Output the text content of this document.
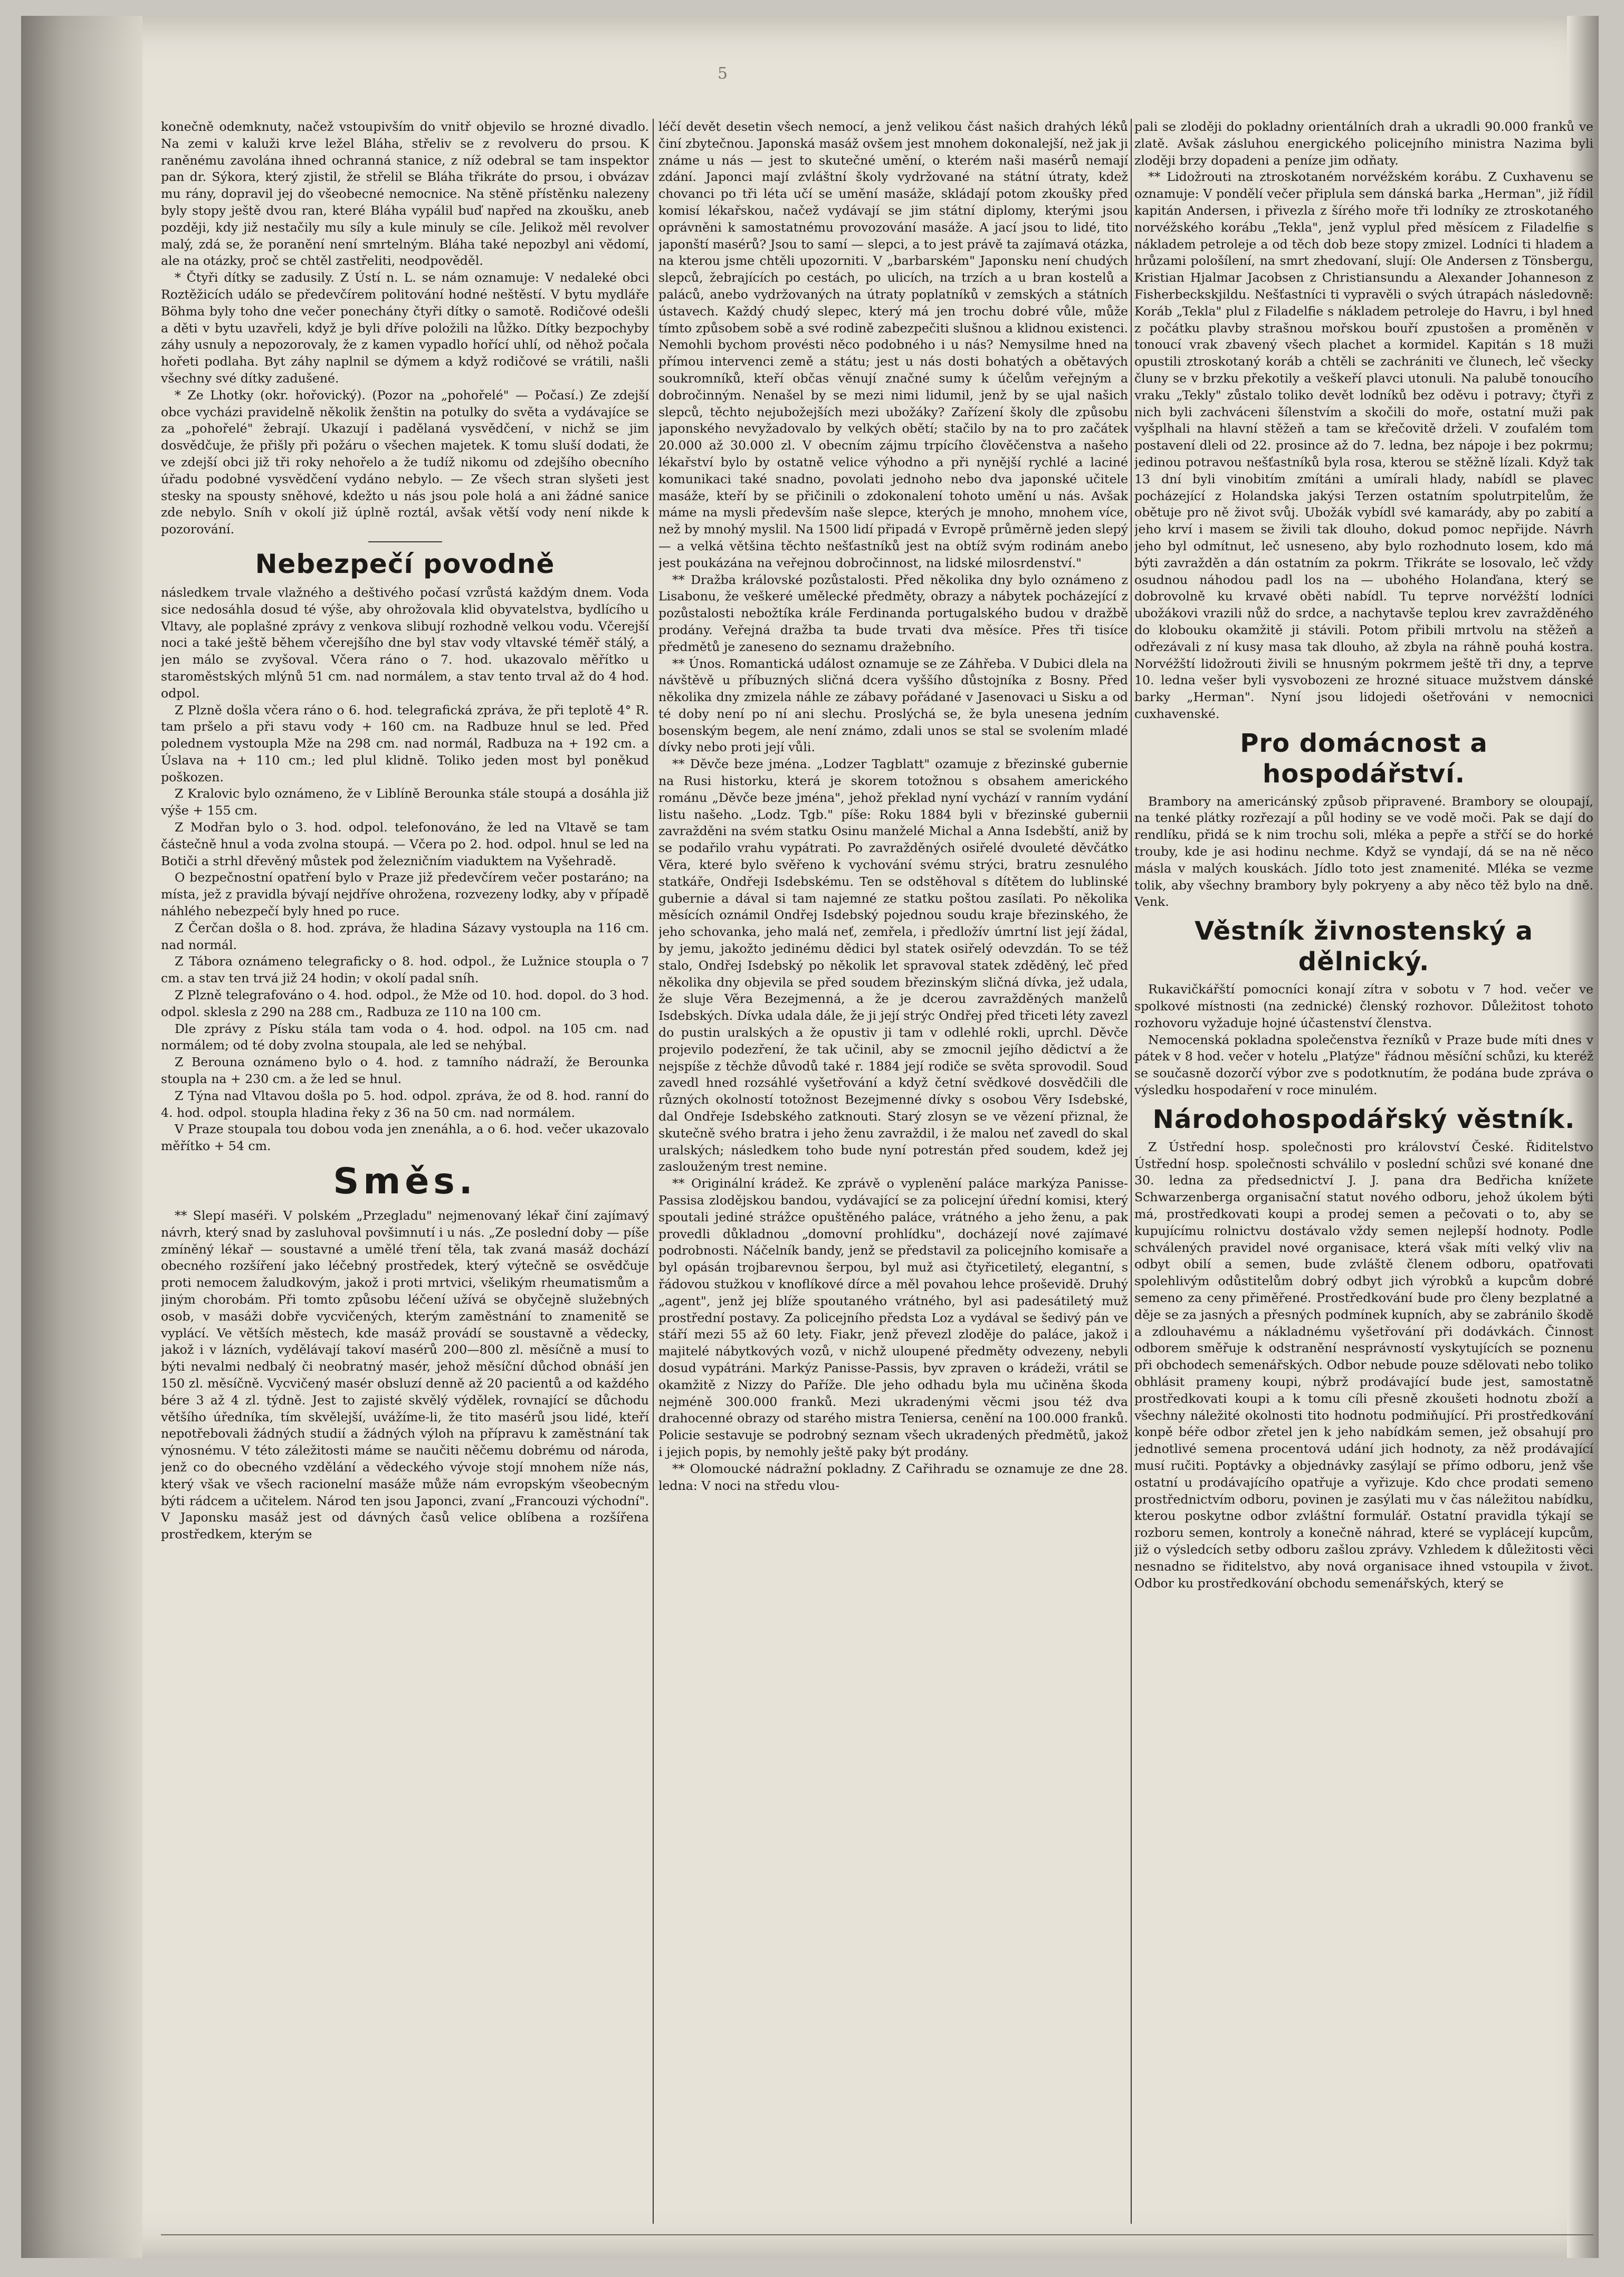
5

konečně odemknuty, načež vstoupivším do vnitř objevilo se hrozné divadlo. Na zemi v kaluži krve ležel Bláha, střeliv se z revolveru do prsou. K raněnému zavolána ihned ochranná stanice, z níž odebral se tam inspektor pan dr. Sýkora, který zjistil, že střelil se Bláha třikráte do prsou, i obvázav mu rány, dopravil jej do všeobecné nemocnice. Na stěně přístěnku nalezeny byly stopy ještě dvou ran, které Bláha vypálil buď napřed na zkoušku, aneb později, kdy již nestačily mu síly a kule minuly se cíle. Jelikož měl revolver malý, zdá se, že poranění není smrtelným. Bláha také nepozbyl ani vědomí, ale na otázky, proč se chtěl zastřeliti, neodpověděl.

* Čtyři dítky se zadusily. Z Ústí n. L. se nám oznamuje: V nedaleké obci Roztěžicích událo se předevčírem politování hodné neštěstí. V bytu mydláře Böhma byly toho dne večer ponechány čtyři dítky o samotě. Rodičové odešli a děti v bytu uzavřeli, když je byli dříve položili na lůžko. Dítky bezpochyby záhy usnuly a nepozorovaly, že z kamen vypadlo hořící uhlí, od něhož počala hořeti podlaha. Byt záhy naplnil se dýmem a když rodičové se vrátili, našli všechny své dítky zadušené.

* Ze Lhotky (okr. hořovický). (Pozor na „pohořelé" — Počasí.) Ze zdejší obce vycházi pravidelně několik ženštin na potulky do světa a vydávajíce se za „pohořelé" žebrají. Ukazují i padělaná vysvědčení, v nichž se jim dosvědčuje, že přišly při požáru o všechen majetek. K tomu sluší dodati, že ve zdejší obci již tři roky nehořelo a že tudíž nikomu od zdejšího obecního úřadu podobné vysvědčení vydáno nebylo. — Ze všech stran slyšeti jest stesky na spousty sněhové, kdežto u nás jsou pole holá a ani žádné sanice zde nebylo. Sníh v okolí již úplně roztál, avšak větší vody není nikde k pozorování.

Nebezpečí povodně

následkem trvale vlažného a deštivého počasí vzrůstá každým dnem. Voda sice nedosáhla dosud té výše, aby ohrožovala klid obyvatelstva, bydlícího u Vltavy, ale poplašné zprávy z venkova slibují rozhodně velkou vodu. Včerejší noci a také ještě během včerejšího dne byl stav vody vltavské téměř stálý, a jen málo se zvyšoval. Včera ráno o 7. hod. ukazovalo měřítko u staroměstských mlýnů 51 cm. nad normálem, a stav tento trval až do 4 hod. odpol.

Z Plzně došla včera ráno o 6. hod. telegrafická zpráva, že při teplotě 4° R. tam pršelo a při stavu vody + 160 cm. na Radbuze hnul se led. Před polednem vystoupla Mže na 298 cm. nad normál, Radbuza na + 192 cm. a Úslava na + 110 cm.; led plul klidně. Toliko jeden most byl poněkud poškozen.

Z Kralovic bylo oznámeno, že v Liblíně Berounka stále stoupá a dosáhla již výše + 155 cm.

Z Modřan bylo o 3. hod. odpol. telefonováno, že led na Vltavě se tam částečně hnul a voda zvolna stoupá. — Včera po 2. hod. odpol. hnul se led na Botiči a strhl dřevěný můstek pod železničním viaduktem na Vyšehradě.

O bezpečnostní opatření bylo v Praze již předevčírem večer postaráno; na místa, jež z pravidla bývají nejdříve ohrožena, rozvezeny lodky, aby v případě náhlého nebezpečí byly hned po ruce.

Z Čerčan došla o 8. hod. zpráva, že hladina Sázavy vystoupla na 116 cm. nad normál.

Z Tábora oznámeno telegraficky o 8. hod. odpol., že Lužnice stoupla o 7 cm. a stav ten trvá již 24 hodin; v okolí padal sníh.

Z Plzně telegrafováno o 4. hod. odpol., že Mže od 10. hod. dopol. do 3 hod. odpol. sklesla z 290 na 288 cm., Radbuza ze 110 na 100 cm.

Dle zprávy z Písku stála tam voda o 4. hod. odpol. na 105 cm. nad normálem; od té doby zvolna stoupala, ale led se nehýbal.

Z Berouna oznámeno bylo o 4. hod. z tamního nádraží, že Berounka stoupla na + 230 cm. a že led se hnul.

Z Týna nad Vltavou došla po 5. hod. odpol. zpráva, že od 8. hod. ranní do 4. hod. odpol. stoupla hladina řeky z 36 na 50 cm. nad normálem.

V Praze stoupala tou dobou voda jen znenáhla, a o 6. hod. večer ukazovalo měřítko + 54 cm.

Směs.

** Slepí maséři. V polském „Przegladu" nejmenovaný lékař činí zajímavý návrh, který snad by zasluhoval povšimnutí i u nás. „Ze poslední doby — píše zmíněný lékař — soustavné a umělé tření těla, tak zvaná masáž dochází obecného rozšíření jako léčebný prostředek, který výtečně se osvědčuje proti nemocem žaludkovým, jakož i proti mrtvici, všelikým rheumatismům a jiným chorobám. Při tomto způsobu léčení užívá se obyčejně služebných osob, v masáži dobře vycvičených, kterým zaměstnání to znamenitě se vyplácí. Ve větších městech, kde masáž provádí se soustavně a vědecky, jakož i v lázních, vydělávají takoví masérů 200—800 zl. měsíčně a musí to býti nevalmi nedbalý či neobratný masér, jehož měsíční důchod obnáší jen 150 zl. měsíčně. Vycvičený masér obsluzí denně až 20 pacientů a od každého bére 3 až 4 zl. týdně. Jest to zajisté skvělý výdělek, rovnající se důchodu většího úředníka, tím skvělejší, uvážíme-li, že tito masérů jsou lidé, kteří nepotřebovali žádných studií a žádných výloh na přípravu k zaměstnání tak výnosnému. V této záležitosti máme se naučiti něčemu dobrému od národa, jenž co do obecného vzdělání a vědeckého vývoje stojí mnohem níže nás, který však ve všech racionelní masáže může nám evropským všeobecným býti rádcem a učitelem. Národ ten jsou Japonci, zvaní „Francouzi východní". V Japonsku masáž jest od dávných časů velice oblíbena a rozšířena prostředkem, kterým se

léčí devět desetin všech nemocí, a jenž velikou část našich drahých léků činí zbytečnou. Japonská masáž ovšem jest mnohem dokonalejší, než jak ji známe u nás — jest to skutečné umění, o kterém naši masérů nemají zdání. Japonci mají zvláštní školy vydržované na státní útraty, kdež chovanci po tři léta učí se umění masáže, skládají potom zkoušky před komisí lékařskou, načež vydávají se jim státní diplomy, kterými jsou oprávněni k samostatnému provozování masáže. A jací jsou to lidé, tito japonští masérů? Jsou to samí — slepci, a to jest právě ta zajímavá otázka, na kterou jsme chtěli upozorniti. V „barbarském" Japonsku není chudých slepců, žebrajících po cestách, po ulicích, na trzích a u bran kostelů a paláců, anebo vydržovaných na útraty poplatníků v zemských a státních ústavech. Každý chudý slepec, který má jen trochu dobré vůle, může tímto způsobem sobě a své rodině zabezpečiti slušnou a klidnou existenci. Nemohli bychom provésti něco podobného i u nás? Nemysilme hned na přímou intervenci země a státu; jest u nás dosti bohatých a obětavých soukromníků, kteří občas věnují značné sumy k účelům veřejným a dobročinným. Nenašel by se mezi nimi lidumil, jenž by se ujal našich slepců, těchto nejubožejších mezi ubožáky? Zařízení školy dle způsobu japonského nevyžadovalo by velkých obětí; stačilo by na to pro začátek 20.000 až 30.000 zl. V obecním zájmu trpícího člověčenstva a našeho lékařství bylo by ostatně velice výhodno a při nynější rychlé a laciné komunikaci také snadno, povolati jednoho nebo dva japonské učitele masáže, kteří by se přičinili o zdokonalení tohoto umění u nás. Avšak máme na mysli především naše slepce, kterých je mnoho, mnohem více, než by mnohý myslil. Na 1500 lidí připadá v Evropě průměrně jeden slepý — a velká většina těchto nešťastníků jest na obtíž svým rodinám anebo jest poukázána na veřejnou dobročinnost, na lidské milosrdenství."

** Dražba královské pozůstalosti. Před několika dny bylo oznámeno z Lisabonu, že veškeré umělecké předměty, obrazy a nábytek pocházející z pozůstalosti nebožtíka krále Ferdinanda portugalského budou v dražbě prodány. Veřejná dražba ta bude trvati dva měsíce. Přes tři tisíce předmětů je zaneseno do seznamu dražebního.

** Únos. Romantická událost oznamuje se ze Záhřeba. V Dubici dlela na návštěvě u příbuzných sličná dcera vyššího důstojníka z Bosny. Před několika dny zmizela náhle ze zábavy pořádané v Jasenovaci u Sisku a od té doby není po ní ani slechu. Proslýchá se, že byla unesena jedním bosenským begem, ale není známo, zdali unos se stal se svolením mladé dívky nebo proti její vůli.

** Děvče beze jména. „Lodzer Tagblatt" ozamuje z březinské gubernie na Rusi historku, která je skorem totožnou s obsahem amerického románu „Děvče beze jména", jehož překlad nyní vychází v ranním vydání listu našeho. „Lodz. Tgb." píše: Roku 1884 byli v březinské gubernii zavražděni na svém statku Osinu manželé Michal a Anna Isdebští, aniž by se podařilo vrahu vypátrati. Po zavražděných osiřelé dvouleté děvčátko Věra, které bylo svěřeno k vychování svému strýci, bratru zesnulého statkáře, Ondřeji Isdebskému. Ten se odstěhoval s dítětem do lublinské gubernie a dával si tam najemné ze statku poštou zasílati. Po několika měsících oznámil Ondřej Isdebský pojednou soudu kraje březinského, že jeho schovanka, jeho malá neť, zemřela, i předložív úmrtní list její žádal, by jemu, jakožto jedinému dědici byl statek osiřelý odevzdán. To se též stalo, Ondřej Isdebský po několik let spravoval statek zděděný, leč před několika dny objevila se před soudem březinským sličná dívka, jež udala, že sluje Věra Bezejmenná, a že je dcerou zavražděných manželů Isdebských. Dívka udala dále, že ji její strýc Ondřej před třiceti léty zavezl do pustin uralských a že opustiv ji tam v odlehlé rokli, uprchl. Děvče projevilo podezření, že tak učinil, aby se zmocnil jejího dědictví a že nejspíše z těchže důvodů také r. 1884 její rodiče se světa sprovodil. Soud zavedl hned rozsáhlé vyšetřování a když četní svědkové dosvědčili dle různých okolností totožnost Bezejmenné dívky s osobou Věry Isdebské, dal Ondřeje Isdebského zatknouti. Starý zlosyn se ve vězení přiznal, že skutečně svého bratra i jeho ženu zavraždil, i že malou neť zavedl do skal uralských; následkem toho bude nyní potrestán před soudem, kdež jej zaslouženým trest nemine.

** Originální krádež. Ke zprávě o vyplenění paláce markýza Panisse-Passisa zlodějskou bandou, vydávající se za policejní úřední komisi, který spoutali jediné strážce opuštěného paláce, vrátného a jeho ženu, a pak provedli důkladnou „domovní prohlídku", docházejí nové zajímavé podrobnosti. Náčelník bandy, jenž se představil za policejního komisaře a byl opásán trojbarevnou šerpou, byl muž asi čtyřicetiletý, elegantní, s řádovou stužkou v knoflíkové dírce a měl povahou lehce proševidě. Druhý „agent", jenž jej blíže spoutaného vrátného, byl asi padesátiletý muž prostřední postavy. Za policejního předsta Loz a vydával se šedivý pán ve stáří mezi 55 až 60 lety. Fiakr, jenž převezl zloděje do paláce, jakož i majitelé nábytkových vozů, v nichž uloupené předměty odvezeny, nebyli dosud vypátráni. Markýz Panisse-Passis, byv zpraven o krádeži, vrátil se okamžitě z Nizzy do Paříže. Dle jeho odhadu byla mu učiněna škoda nejméně 300.000 franků. Mezi ukradenými věcmi jsou též dva drahocenné obrazy od starého mistra Teniersa, cenění na 100.000 franků. Policie sestavuje se podrobný seznam všech ukradených předmětů, jakož i jejich popis, by nemohly ještě paky být prodány.

** Olomoucké nádražní pokladny. Z Cařihradu se oznamuje ze dne 28. ledna: V noci na středu vlou-

pali se zloději do pokladny orientálních drah a ukradli 90.000 franků ve zlatě. Avšak zásluhou energického policejního ministra Nazima byli zloději brzy dopadeni a peníze jim odňaty.

** Lidožrouti na ztroskotaném norvéžském korábu. Z Cuxhavenu se oznamuje: V pondělí večer připlula sem dánská barka „Herman", již řídil kapitán Andersen, i přivezla z šírého moře tři lodníky ze ztroskotaného norvéžského korábu „Tekla", jenž vyplul před měsícem z Filadelfie s nákladem petroleje a od těch dob beze stopy zmizel. Lodníci ti hladem a hrůzami pološílení, na smrt zhedovaní, slují: Ole Andersen z Tönsbergu, Kristian Hjalmar Jacobsen z Christiansundu a Alexander Johanneson z Fisherbeckskjildu. Nešťastníci ti vypravěli o svých útrapách následovně: Koráb „Tekla" plul z Filadelfie s nákladem petroleje do Havru, i byl hned z počátku plavby strašnou mořskou bouří zpustošen a proměněn v tonoucí vrak zbavený všech plachet a kormidel. Kapitán s 18 muži opustili ztroskotaný koráb a chtěli se zachrániti ve člunech, leč všecky čluny se v brzku překotily a veškeří plavci utonuli. Na palubě tonoucího vraku „Tekly" zůstalo toliko devět lodníků bez oděvu i potravy; čtyři z nich byli zachváceni šílenstvím a skočili do moře, ostatní muži pak vyšplhali na hlavní stěžeň a tam se křečovitě drželi. V zoufalém tom postavení dleli od 22. prosince až do 7. ledna, bez nápoje i bez pokrmu; jedinou potravou nešťastníků byla rosa, kterou se stěžně lízali. Když tak 13 dní byli vinobitím zmítáni a umírali hlady, nabídl se plavec pocházející z Holandska jakýsi Terzen ostatním spolutrpitelům, že obětuje pro ně život svůj. Ubožák vybídl své kamarády, aby po zabití a jeho krví i masem se živili tak dlouho, dokud pomoc nepřijde. Návrh jeho byl odmítnut, leč usneseno, aby bylo rozhodnuto losem, kdo má býti zavražděn a dán ostatním za pokrm. Třikráte se losovalo, leč vždy osudnou náhodou padl los na — ubohého Holanďana, který se dobrovolně ku krvavé oběti nabídl. Tu teprve norvéžští lodníci ubožákovi vrazili nůž do srdce, a nachytavše teplou krev zavražděného do klobouku okamžitě ji stávili. Potom přibili mrtvolu na stěžeň a odřezávali z ní kusy masa tak dlouho, až zbyla na ráhně pouhá kostra. Norvéžští lidožrouti živili se hnusným pokrmem ještě tři dny, a teprve 10. ledna vešer byli vysvobozeni ze hrozné situace mužstvem dánské barky „Herman". Nyní jsou lidojedi ošetřováni v nemocnici cuxhavenské.

Pro domácnost a hospodářství.

Brambory na americánský způsob připravené. Brambory se oloupají, na tenké plátky rozřezají a půl hodiny se ve vodě moči. Pak se dají do rendlíku, přidá se k nim trochu soli, mléka a pepře a střčí se do horké trouby, kde je asi hodinu nechme. Když se vyndají, dá se na ně něco másla v malých kouskách. Jídlo toto jest znamenité. Mléka se vezme tolik, aby všechny brambory byly pokryeny a aby něco těž bylo na dně. Venk.

Věstník živnostenský a dělnický.

Rukavičkářští pomocníci konají zítra v sobotu v 7 hod. večer ve spolkové místnosti (na zednické) členský rozhovor. Důležitost tohoto rozhovoru vyžaduje hojné účastenství členstva.

Nemocenská pokladna společenstva řezníků v Praze bude míti dnes v pátek v 8 hod. večer v hotelu „Platýze" řádnou měsíční schůzi, ku kteréž se současně dozorčí výbor zve s podotknutím, že podána bude zpráva o výsledku hospodaření v roce minulém.

Národohospodářský věstník.

Z Ústřední hosp. společnosti pro království České. Řiditelstvo Ústřední hosp. společnosti schválilo v poslední schůzi své konané dne 30. ledna za předsednictví J. J. pana dra Bedřicha knížete Schwarzenberga organisační statut nového odboru, jehož úkolem býti má, prostředkovati koupi a prodej semen a pečovati o to, aby se kupujícímu rolnictvu dostávalo vždy semen nejlepší hodnoty. Podle schválených pravidel nové organisace, která však míti velký vliv na odbyt obilí a semen, bude zvláště členem odboru, opatřovati spolehlivým odůstitelům dobrý odbyt jich výrobků a kupcům dobré semeno za ceny přiměřené. Prostředkování bude pro členy bezplatné a děje se za jasných a přesných podmínek kupních, aby se zabránilo škodě a zdlouhavému a nákladnému vyšetřování při dodávkách. Činnost odborem směřuje k odstranění nesprávností vyskytujících se poznenu při obchodech semenářských. Odbor nebude pouze sdělovati nebo toliko obhlásit prameny koupi, nýbrž prodávající bude jest, samostatně prostředkovati koupi a k tomu cíli přesně zkoušeti hodnotu zboží a všechny náležité okolnosti tito hodnotu podmiňující. Při prostředkování konpě béře odbor zřetel jen k jeho nabídkám semen, jež obsahují pro jednotlivé semena procentová udání jich hodnoty, za něž prodávající musí ručiti. Poptávky a objednávky zasýlají se přímo odboru, jenž vše ostatní u prodávajícího opatřuje a vyřizuje. Kdo chce prodati semeno prostřednictvím odboru, povinen je zasýlati mu v čas náležitou nabídku, kterou poskytne odbor zvláštní formulář. Ostatní pravidla týkají se rozboru semen, kontroly a konečně náhrad, které se vyplácejí kupcům, již o výsledcích setby odboru zašlou zprávy. Vzhledem k důležitosti věci nesnadno se řiditelstvo, aby nová organisace ihned vstoupila v život. Odbor ku prostředkování obchodu semenářských, který se
